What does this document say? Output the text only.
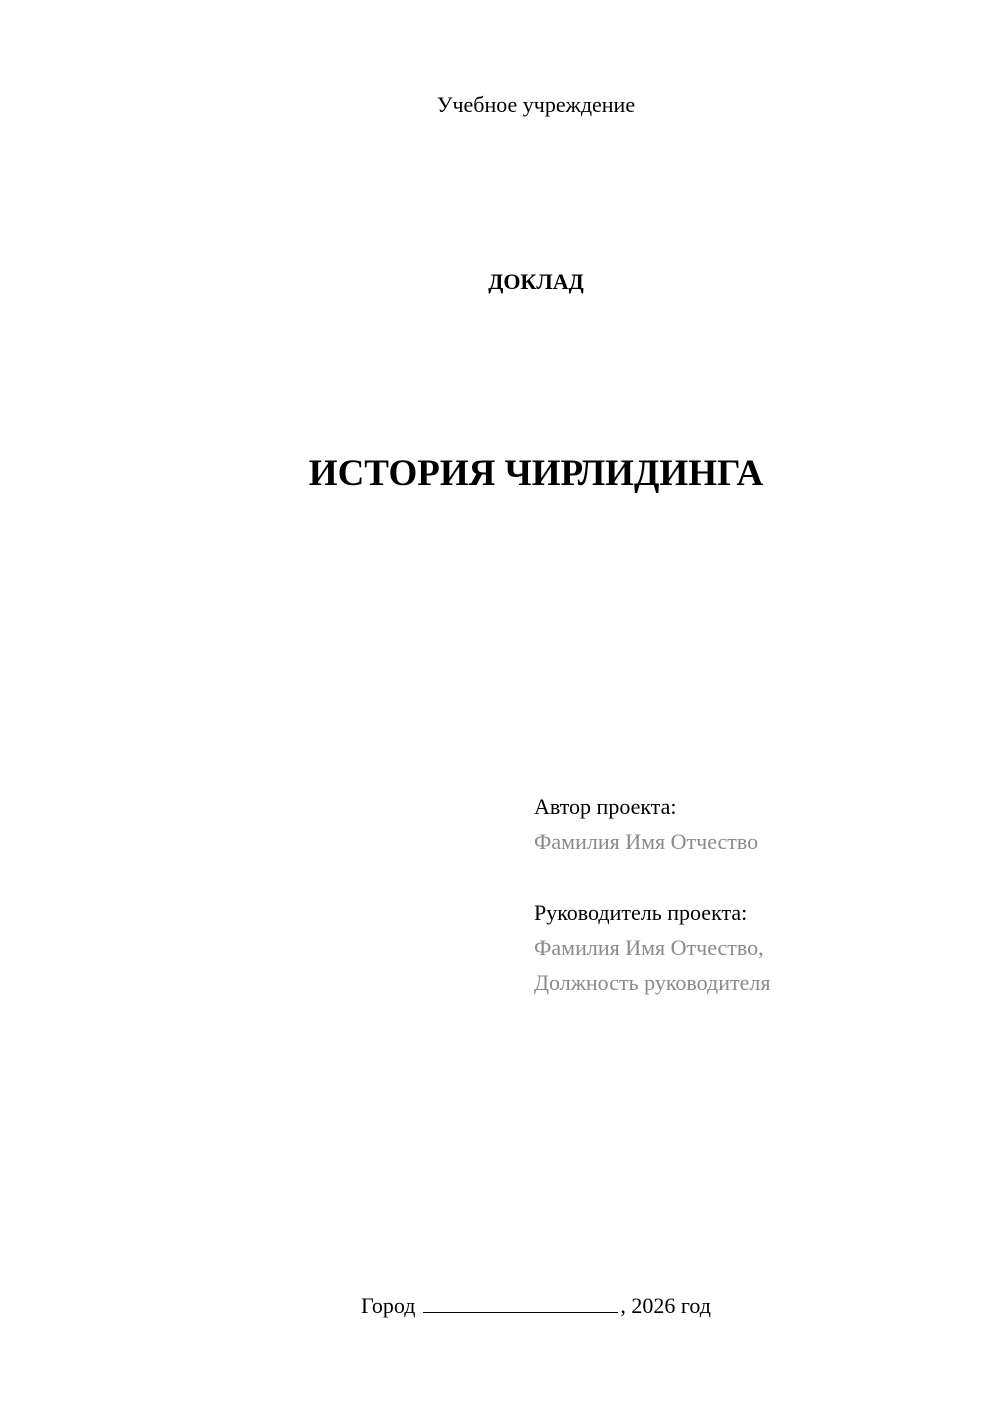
Учебное учреждение
ДОКЛАД
ИСТОРИЯ ЧИРЛИДИНГА
Автор проекта:
Фамилия Имя Отчество
Руководитель проекта:
Фамилия Имя Отчество,
Должность руководителя
Город	, 2026 год
